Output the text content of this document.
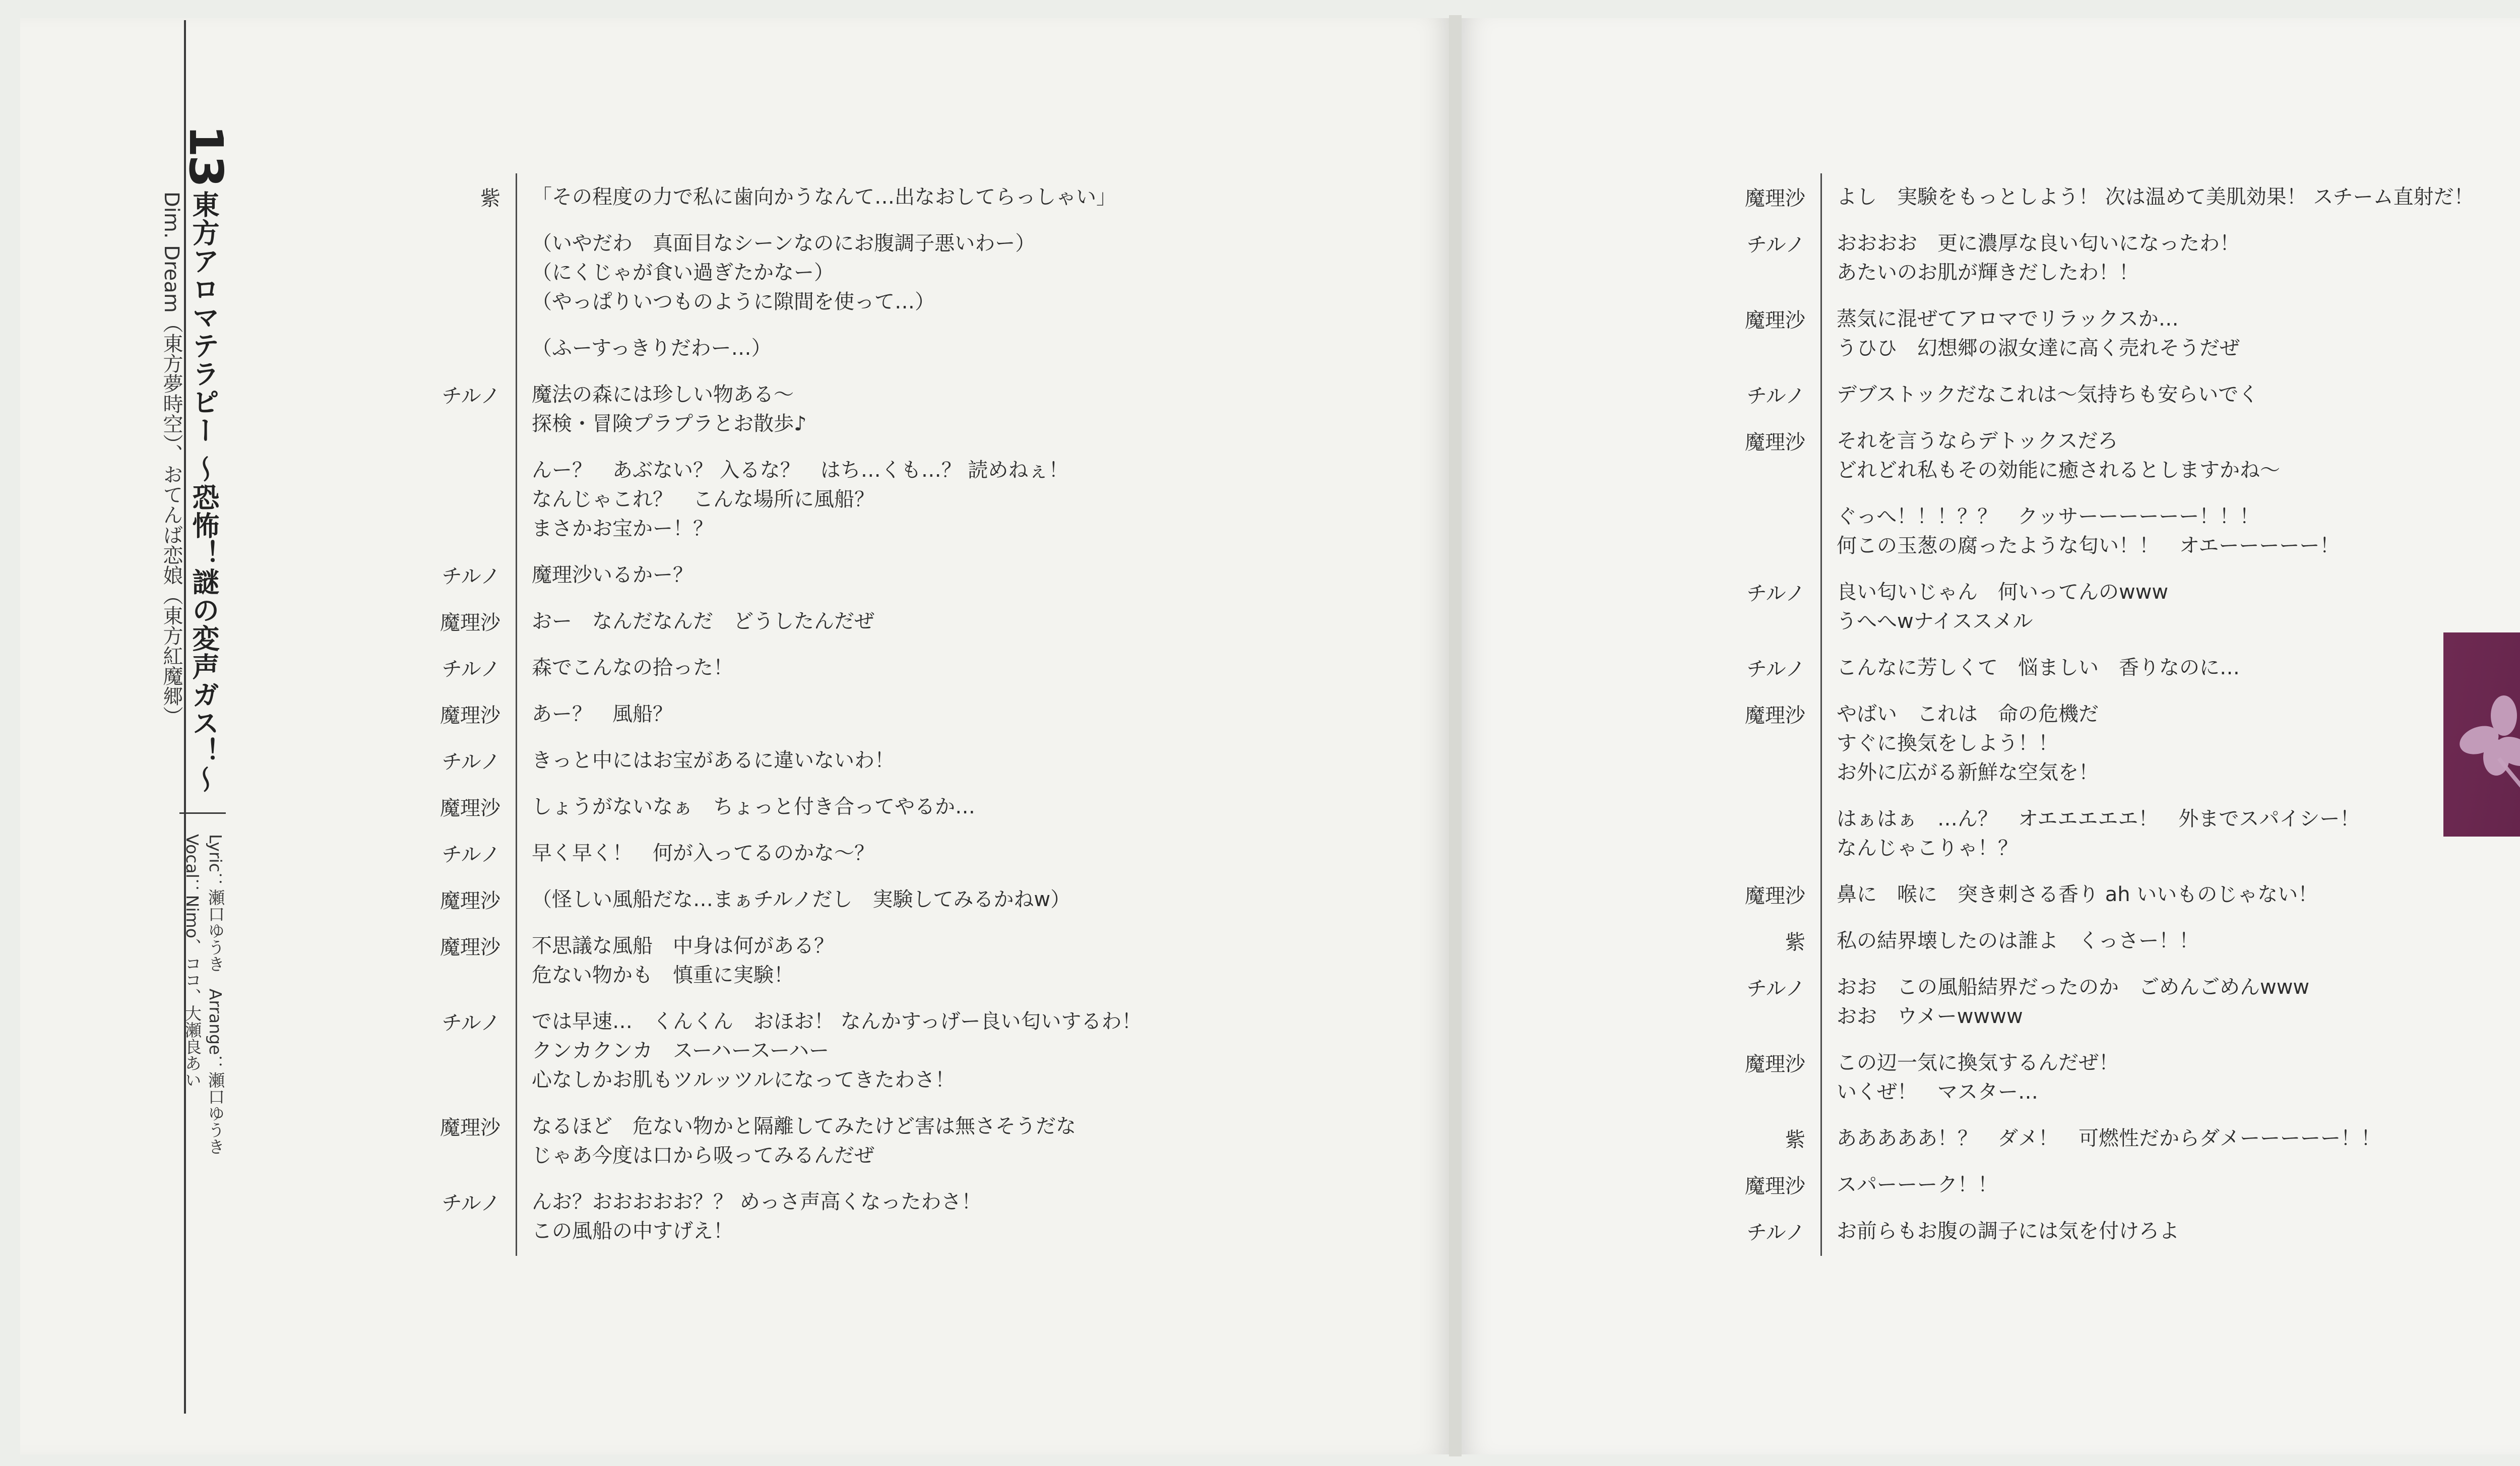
13
東方アロマテラピー ～恐怖！謎の変声ガス！～
Dim. Dream（東方夢時空）、おてんば恋娘（東方紅魔郷）
Lyric：瀬口ゆうき　Arrange：瀬口ゆうき
Vocal：Nimo、ココ、大瀬良あい
紫 「その程度の力で私に歯向かうなんて…出なおしてらっしゃい」
（いやだわ　真面目なシーンなのにお腹調子悪いわー）
（にくじゃが食い過ぎたかなー）
（やっぱりいつものように隙間を使って…）
（ふーすっきりだわー…）
チルノ 魔法の森には珍しい物ある～
探検・冒険プラプラとお散歩♪
んー？　あぶない？ 入るな？　はち…くも…？ 読めねぇ！
なんじゃこれ？　こんな場所に風船？
まさかお宝かー！？
チルノ 魔理沙いるかー？
魔理沙 おー　なんだなんだ　どうしたんだぜ
チルノ 森でこんなの拾った！
魔理沙 あー？　風船？
チルノ きっと中にはお宝があるに違いないわ！
魔理沙 しょうがないなぁ　ちょっと付き合ってやるか…
チルノ 早く早く！　何が入ってるのかな～？
魔理沙 （怪しい風船だな…まぁチルノだし　実験してみるかねw）
魔理沙 不思議な風船　中身は何がある？
危ない物かも　慎重に実験！
チルノ では早速…　くんくん　おほお！ なんかすっげー良い匂いするわ！
クンカクンカ　スーハースーハー
心なしかお肌もツルッツルになってきたわさ！
魔理沙 なるほど　危ない物かと隔離してみたけど害は無さそうだな
じゃあ今度は口から吸ってみるんだぜ
チルノ んお？おおおおお？？ めっさ声高くなったわさ！
この風船の中すげえ！
魔理沙 よし　実験をもっとしよう！ 次は温めて美肌効果！ スチーム直射だ！
チルノ おおおお　更に濃厚な良い匂いになったわ！
あたいのお肌が輝きだしたわ！！
魔理沙 蒸気に混ぜてアロマでリラックスか…
うひひ　幻想郷の淑女達に高く売れそうだぜ
チルノ デブストックだなこれは～気持ちも安らいでく
魔理沙 それを言うならデトックスだろ
どれどれ私もその効能に癒されるとしますかね～
ぐっへ！！！？？　クッサーーーーーー！！！
何この玉葱の腐ったような匂い！！　オエーーーーー！
チルノ 良い匂いじゃん　何いってんのwww
うへへwナイススメル
チルノ こんなに芳しくて　悩ましい　香りなのに…
魔理沙 やばい　これは　命の危機だ
すぐに換気をしよう！！
お外に広がる新鮮な空気を！
はぁはぁ　…ん？　オエエエエエ！　外までスパイシー！
なんじゃこりゃ！？
魔理沙 鼻に　喉に　突き刺さる香り ah いいものじゃない！
紫 私の結界壊したのは誰よ　くっさー！！
チルノ おお　この風船結界だったのか　ごめんごめんwww
おお　ウメーwwww
魔理沙 この辺一気に換気するんだぜ！
いくぜ！　マスター…
紫 あああああ！？　ダメ！　可燃性だからダメーーーーー！！
魔理沙 スパーーーク！！
チルノ お前らもお腹の調子には気を付けろよ
